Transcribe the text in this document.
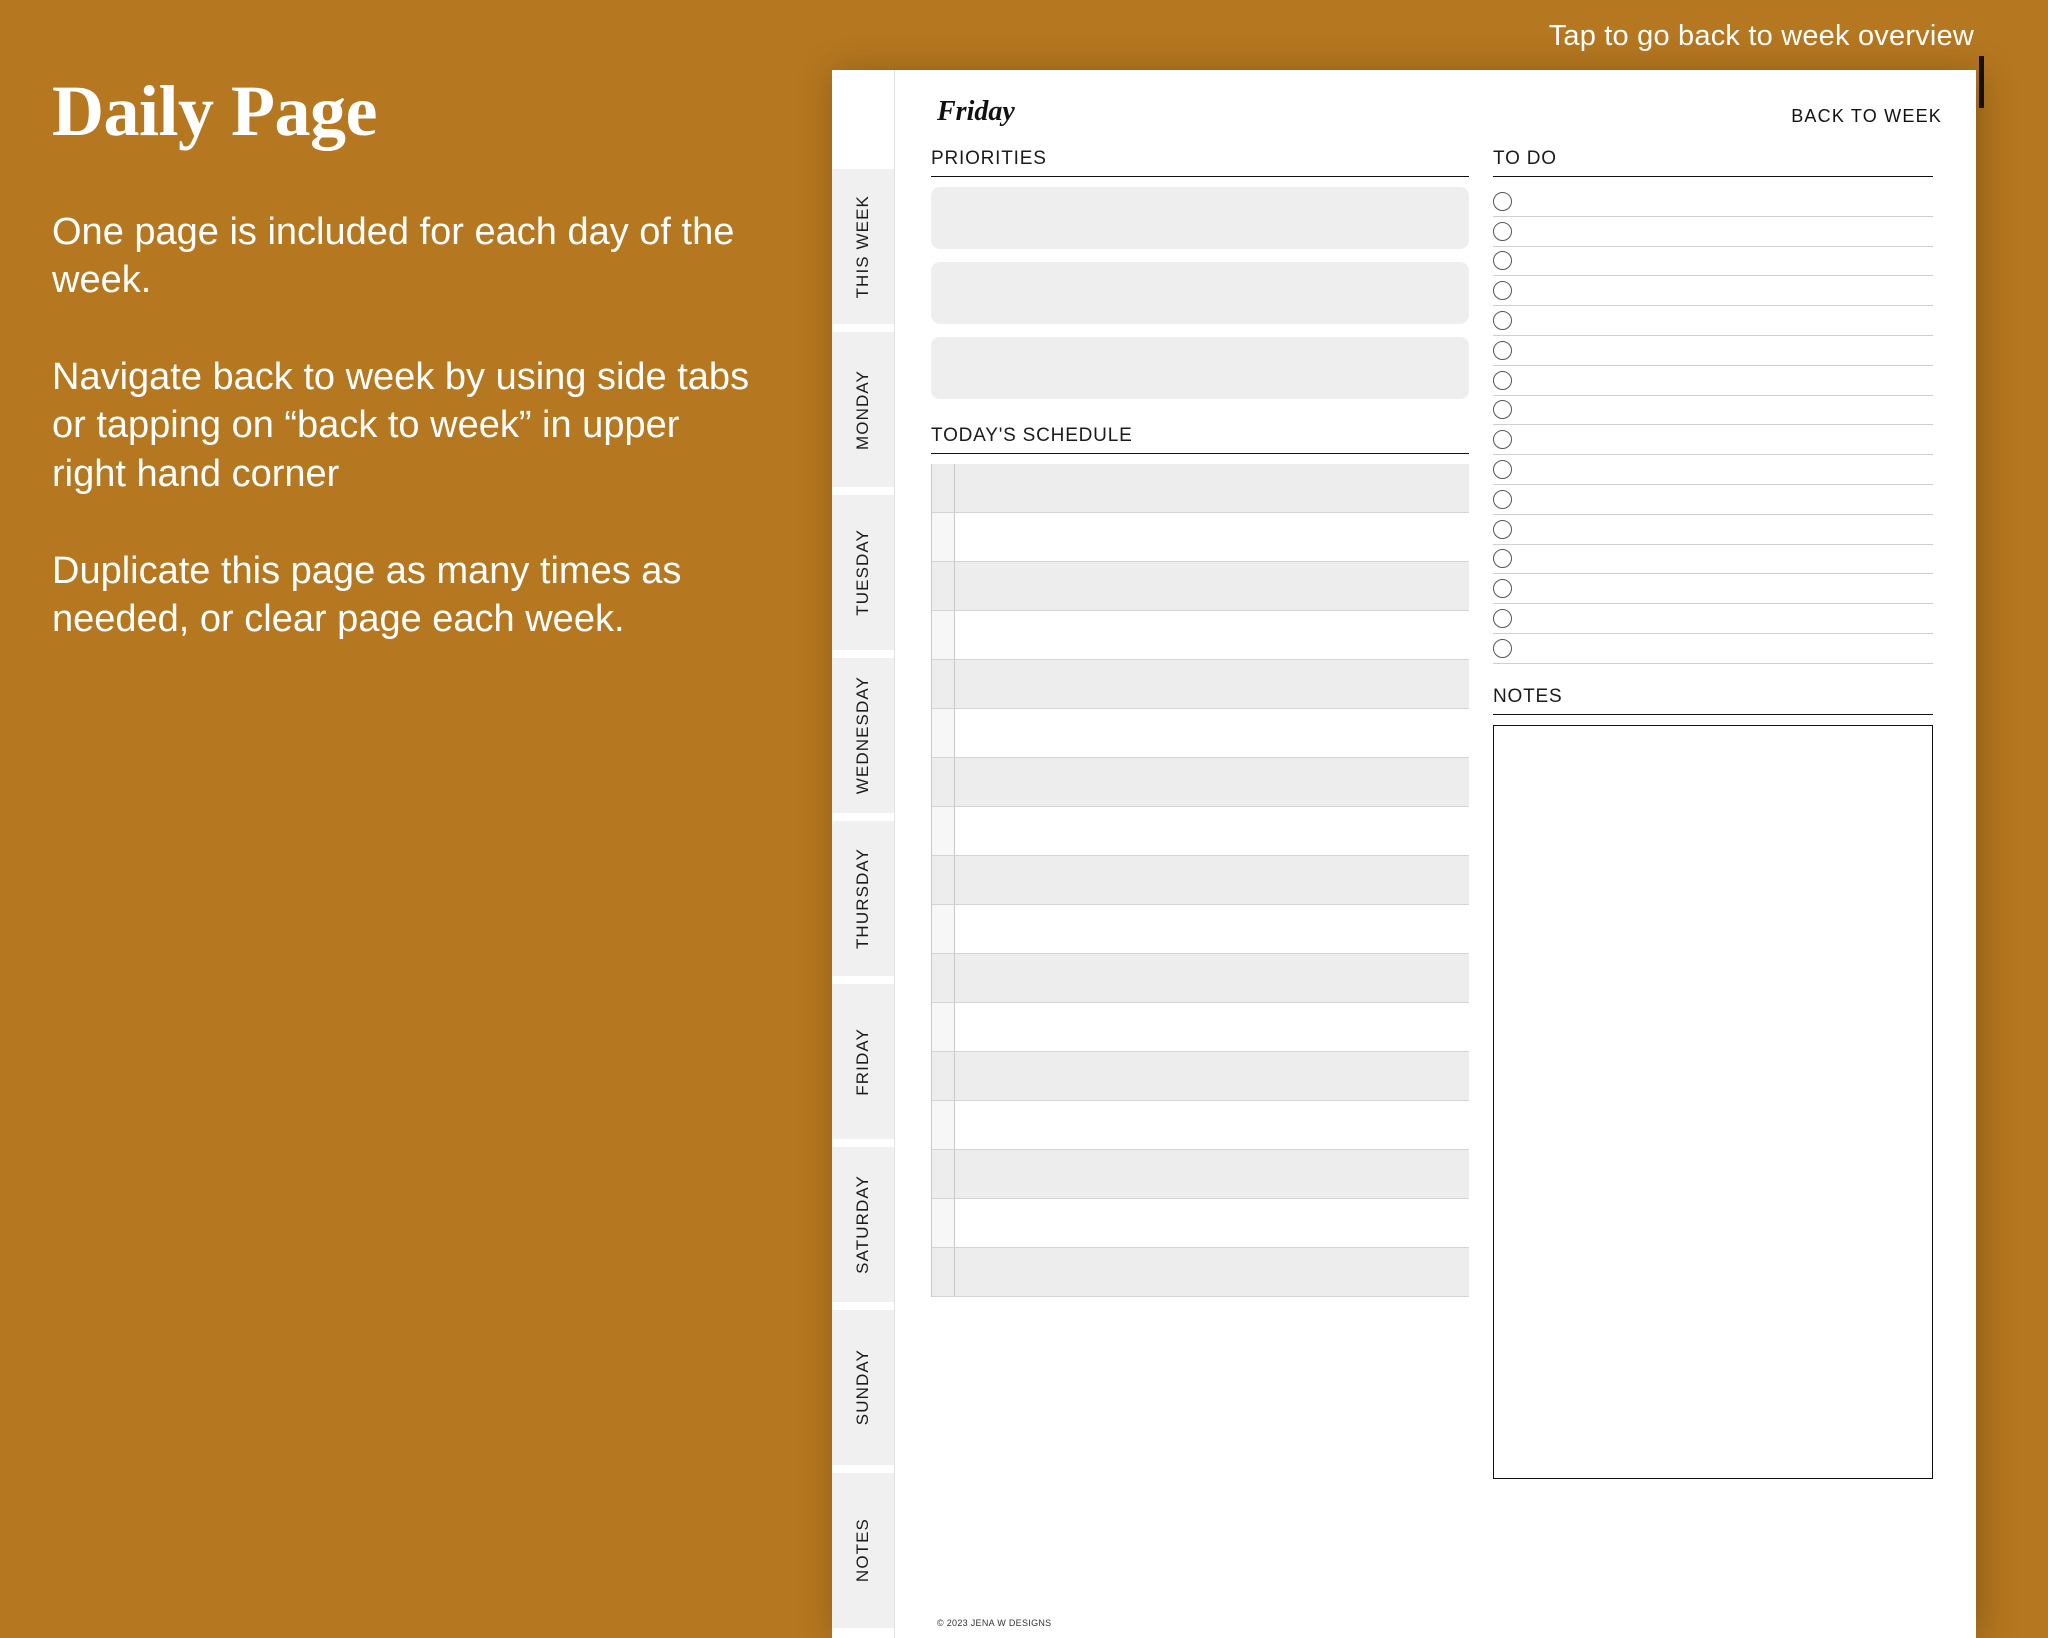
Daily Page

One page is included for each day of the week.

Navigate back to week by using side tabs or tapping on “back to week” in upper right hand corner

Duplicate this page as many times as needed, or clear page each week.

Tap to go back to week overview
THIS WEEK
MONDAY
TUESDAY
WEDNESDAY
THURSDAY
FRIDAY
SATURDAY
SUNDAY
NOTES
Friday	BACK TO WEEK
PRIORITIES
TODAY'S SCHEDULE
TO DO
NOTES
© 2023 JENA W DESIGNS
